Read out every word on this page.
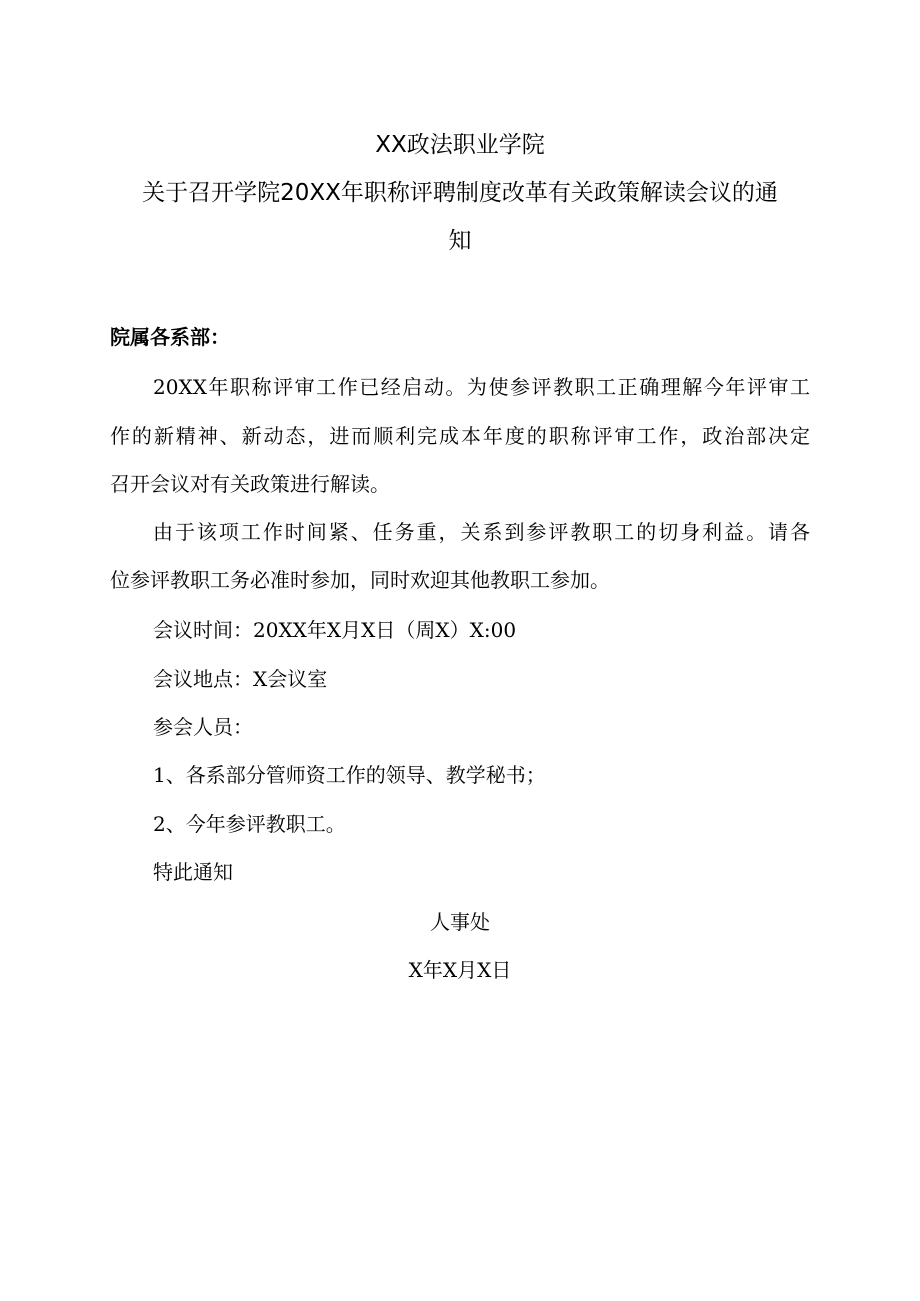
XX政法职业学院
关于召开学院20XX年职称评聘制度改革有关政策解读会议的通
知
院属各系部：
20XX年职称评审工作已经启动。为使参评教职工正确理解今年评审工
作的新精神、新动态，进而顺利完成本年度的职称评审工作，政治部决定
召开会议对有关政策进行解读。
由于该项工作时间紧、任务重，关系到参评教职工的切身利益。请各
位参评教职工务必准时参加，同时欢迎其他教职工参加。
会议时间：20XX年X月X日（周X）X:00
会议地点：X会议室
参会人员：
1、各系部分管师资工作的领导、教学秘书；
2、今年参评教职工。
特此通知
人事处
X年X月X日
